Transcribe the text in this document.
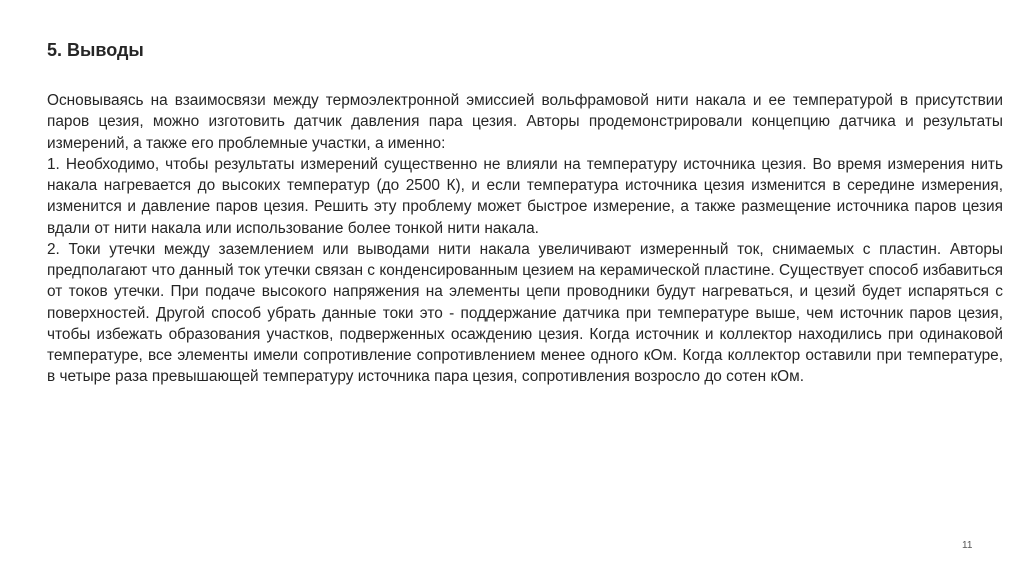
5. Выводы

Основываясь на взаимосвязи между термоэлектронной эмиссией вольфрамовой нити накала и ее температурой в присутствии паров цезия, можно изготовить датчик давления пара цезия. Авторы продемонстрировали концепцию датчика и результаты измерений, а также его проблемные участки, а именно:

1. Необходимо, чтобы результаты измерений существенно не влияли на температуру источника цезия. Во время измерения нить накала нагревается до высоких температур (до 2500 К), и если температура источника цезия изменится в середине измерения, изменится и давление паров цезия. Решить эту проблему может быстрое измерение, а также размещение источника паров цезия вдали от нити накала или использование более тонкой нити накала.

2. Токи утечки между заземлением или выводами нити накала увеличивают измеренный ток, снимаемых с пластин. Авторы предполагают что данный ток утечки связан с конденсированным цезием на керамической пластине. Существует способ избавиться от токов утечки. При подаче высокого напряжения на элементы цепи проводники будут нагреваться, и цезий будет испаряться с поверхностей. Другой способ убрать данные токи это - поддержание датчика при температуре выше, чем источник паров цезия, чтобы избежать образования участков, подверженных осаждению цезия. Когда источник и коллектор находились при одинаковой температуре, все элементы имели сопротивление сопротивлением менее одного кОм. Когда коллектор оставили при температуре, в четыре раза превышающей температуру источника пара цезия, сопротивления возросло до сотен кОм.

11
